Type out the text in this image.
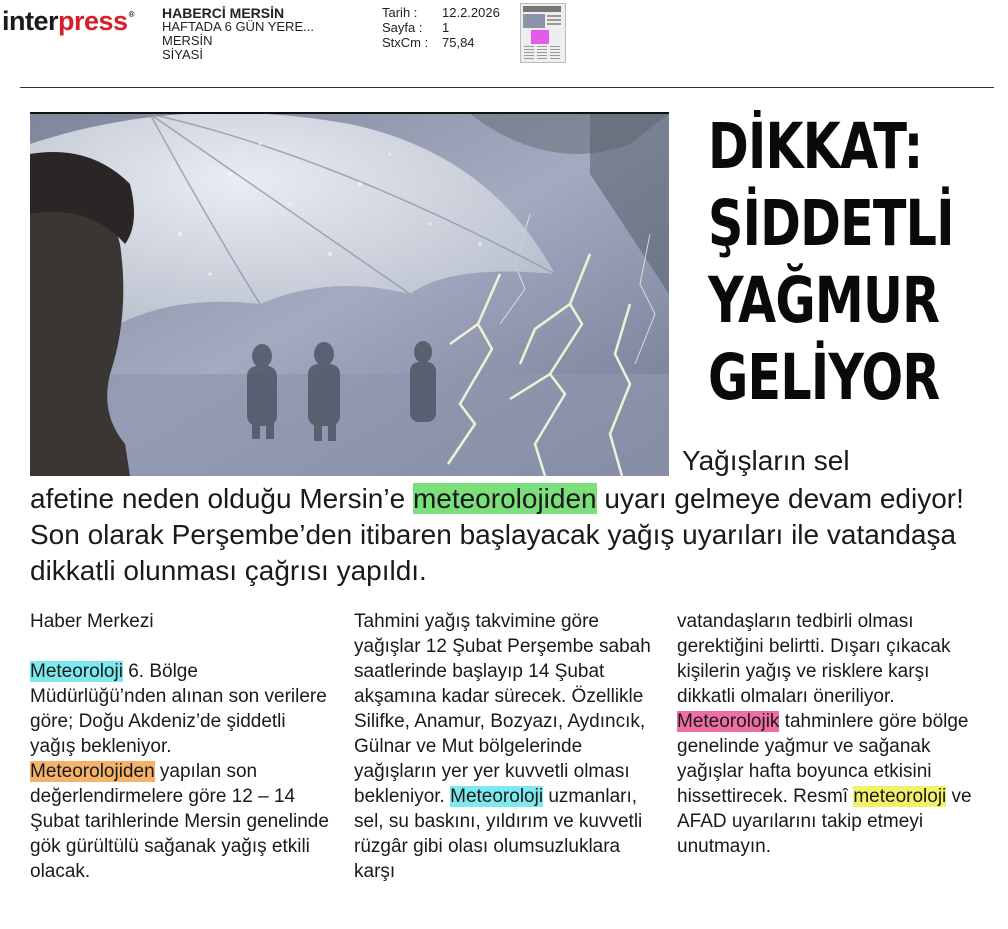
interpress® HABERCİ MERSİN
HAFTADA 6 GÜN YERE...
MERSİN
SİYASİ
Tarih :	12.2.2026
Sayfa :	1
StxCm :	75,84
DİKKAT:
ŞİDDETLİ
YAĞMUR
GELİYOR
Yağışların sel
afetine neden olduğu Mersin’e meteorolojiden uyarı gelmeye devam ediyor! Son olarak Perşembe’den itibaren başlayacak yağış uyarıları ile vatandaşa dikkatli olunması çağrısı yapıldı.
Haber Merkezi
Meteoroloji 6. Bölge Müdürlüğü’nden alınan son verilere göre; Doğu Akdeniz’de şiddetli yağış bekleniyor.
Meteorolojiden yapılan son değerlendirmelere göre 12 – 14 Şubat tarihlerinde Mersin genelinde gök gürültülü sağanak yağış etkili olacak.
Tahmini yağış takvimine göre yağışlar 12 Şubat Perşembe sabah saatlerinde başlayıp 14 Şubat akşamına kadar sürecek. Özellikle Silifke, Anamur, Bozyazı, Aydıncık, Gülnar ve Mut bölgelerinde yağışların yer yer kuvvetli olması bekleniyor. Meteoroloji uzmanları, sel, su baskını, yıldırım ve kuvvetli rüzgâr gibi olası olumsuzluklara karşı
vatandaşların tedbirli olması gerektiğini belirtti. Dışarı çıkacak kişilerin yağış ve risklere karşı dikkatli olmaları öneriliyor. Meteorolojik tahminlere göre bölge genelinde yağmur ve sağanak yağışlar hafta boyunca etkisini hissettirecek. Resmî meteoroloji ve AFAD uyarılarını takip etmeyi unutmayın.
